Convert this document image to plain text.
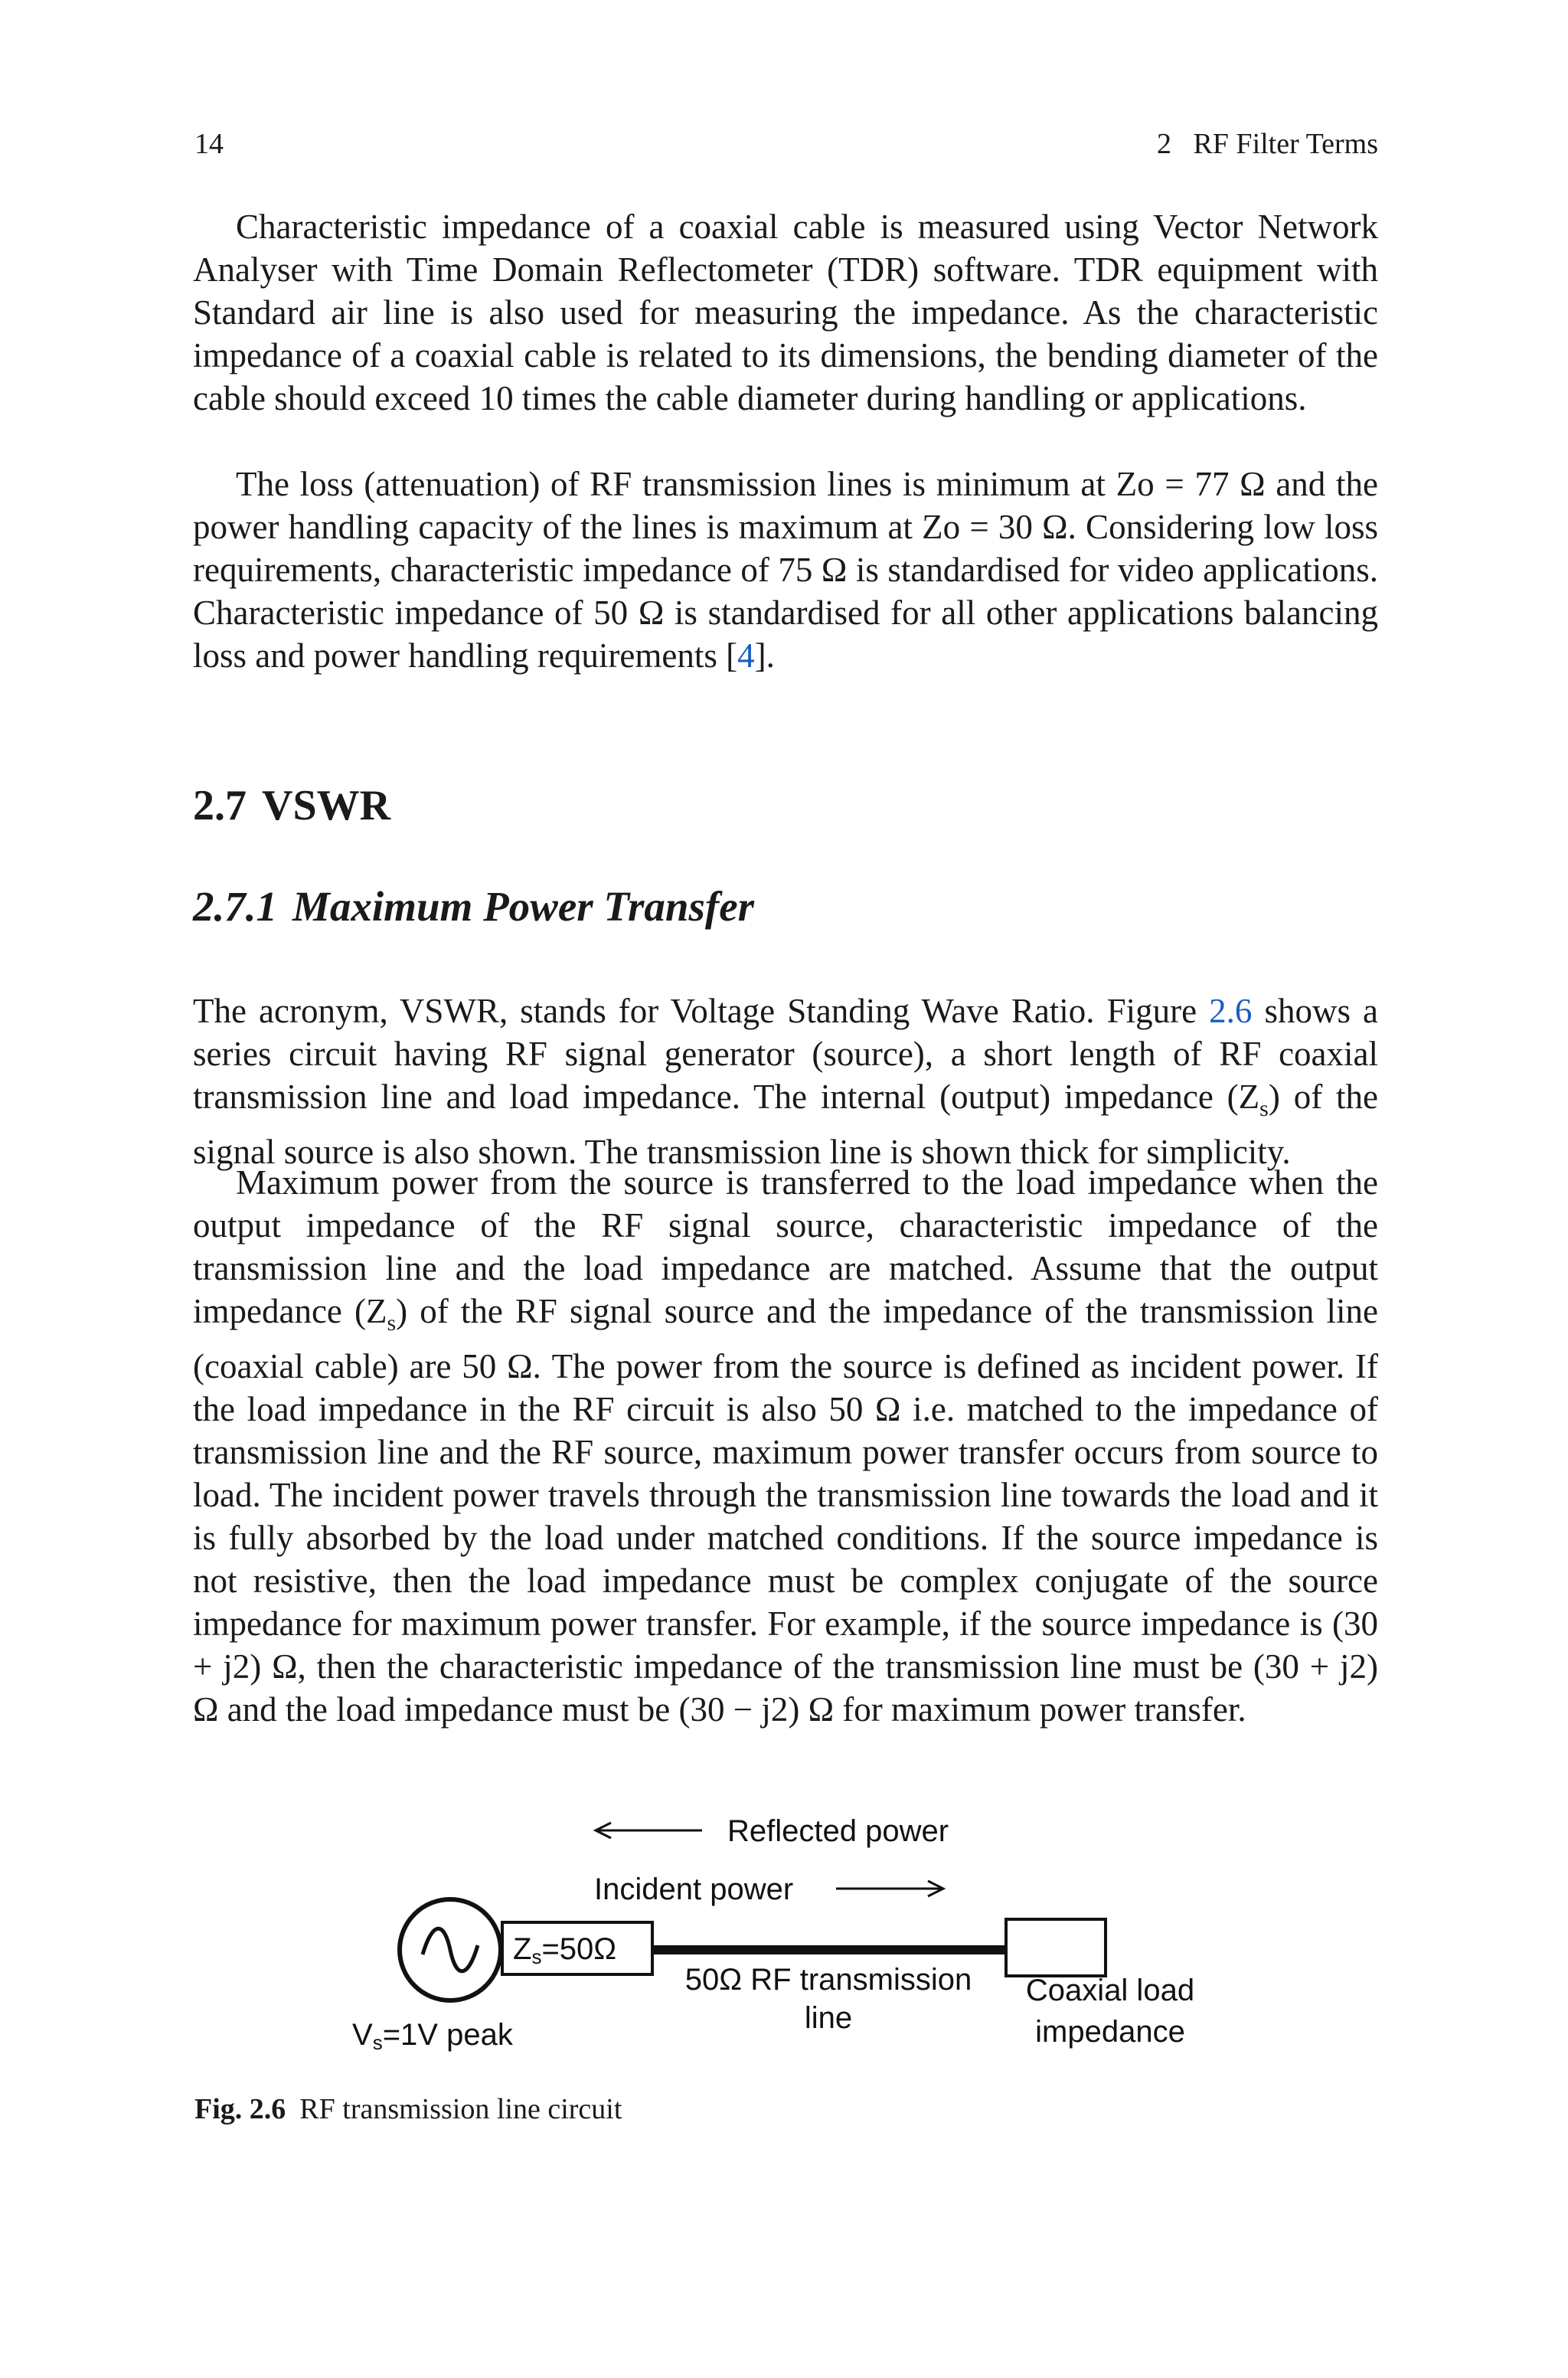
14	2   RF Filter Terms

Characteristic impedance of a coaxial cable is measured using Vector Network Analyser with Time Domain Reflectometer (TDR) software. TDR equipment with Standard air line is also used for measuring the impedance. As the characteristic impedance of a coaxial cable is related to its dimensions, the bending diameter of the cable should exceed 10 times the cable diameter during handling or applications.

The loss (attenuation) of RF transmission lines is minimum at Zo = 77 Ω and the power handling capacity of the lines is maximum at Zo = 30 Ω. Considering low loss requirements, characteristic impedance of 75 Ω is standardised for video applications. Characteristic impedance of 50 Ω is standardised for all other applications balancing loss and power handling requirements [4].

2.7 VSWR
2.7.1 Maximum Power Transfer

The acronym, VSWR, stands for Voltage Standing Wave Ratio. Figure 2.6 shows a series circuit having RF signal generator (source), a short length of RF coaxial transmission line and load impedance. The internal (output) impedance $(Z_s)$ of the signal source is also shown. The transmission line is shown thick for simplicity.

Maximum power from the source is transferred to the load impedance when the output impedance of the RF signal source, characteristic impedance of the transmission line and the load impedance are matched. Assume that the output impedance $(Z_s)$ of the RF signal source and the impedance of the transmission line (coaxial cable) are 50 Ω. The power from the source is defined as incident power. If the load impedance in the RF circuit is also 50 Ω i.e. matched to the impedance of transmission line and the RF source, maximum power transfer occurs from source to load. The incident power travels through the transmission line towards the load and it is fully absorbed by the load under matched conditions. If the source impedance is not resistive, then the load impedance must be complex conjugate of the source impedance for maximum power transfer. For example, if the source impedance is (30 + j2) Ω, then the characteristic impedance of the transmission line must be (30 + j2) Ω and the load impedance must be (30 − j2) Ω for maximum power transfer.

Reflected power
Incident power
$Z_s=50\Omega$
50Ω RF transmission
line
Coaxial load
impedance
$V_s=1V$ peak
Fig. 2.6 RF transmission line circuit
